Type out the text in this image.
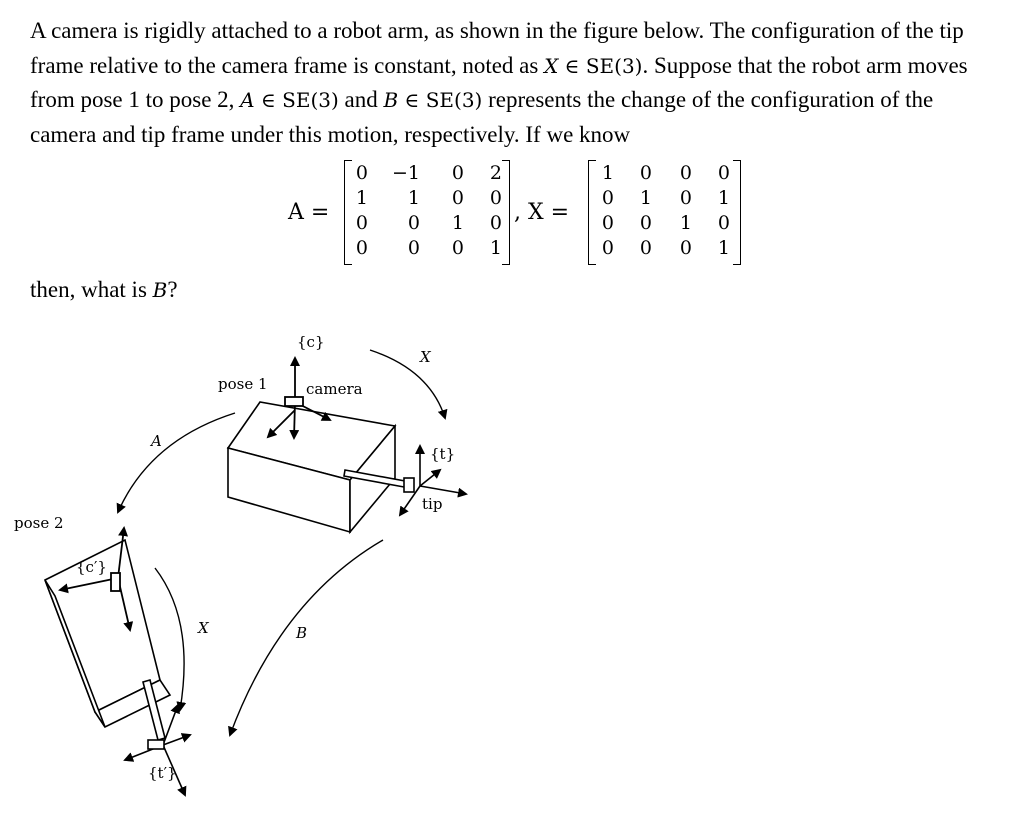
A camera is rigidly attached to a robot arm, as shown in the figure below. The configuration of the tip frame relative to the camera frame is constant, noted as X ∈ SE(3). Suppose that the robot arm moves from pose 1 to pose 2, A ∈ SE(3) and B ∈ SE(3) represents the change of the configuration of the camera and tip frame under this motion, respectively. If we know
A =
0	−1	0	2
1	1	0	0
0	0	1	0
0	0	0	1
, X =
1	0	0	0
0	1	0	1
0	0	1	0
0	0	0	1
then, what is B?
{c}
camera
pose 1
X
{t}
tip
A
pose 2
{c′}
X	B
{t′}
